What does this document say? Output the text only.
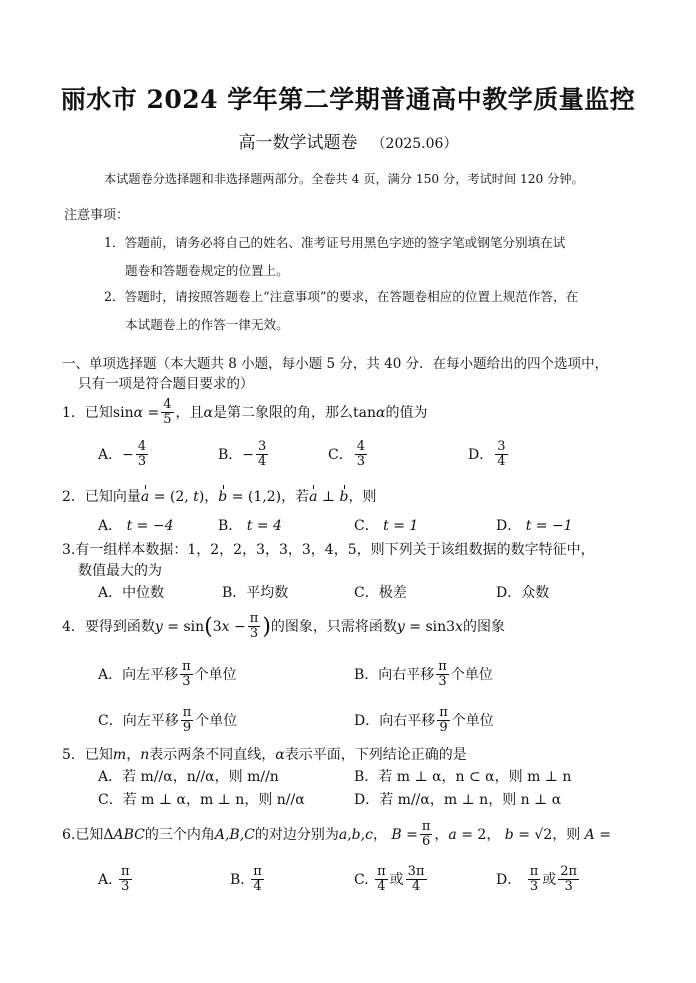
丽水市 2024 学年第二学期普通高中教学质量监控
高一数学试题卷 （2025.06）
本试题卷分选择题和非选择题两部分。全卷共 4 页，满分 150 分，考试时间 120 分钟。
注意事项：
1．答题前，请务必将自己的姓名、准考证号用黑色字迹的签字笔或钢笔分别填在试
题卷和答题卷规定的位置上。
2．答题时，请按照答题卷上“注意事项”的要求，在答题卷相应的位置上规范作答，在
本试题卷上的作答一律无效。
一、单项选择题（本大题共 8 小题，每小题 5 分，共 40 分．在每小题给出的四个选项中，
只有一项是符合题目要求的）
1．已知$\sin\alpha = \frac{4}{5}$ ，且α是第二象限的角，那么tanα的值为
A．− $\frac{4}{3}$	B．− $\frac{3}{4}$	C． $\frac{4}{3}$	D． $\frac{3}{4}$
2．已知向量a = (2, t)，b = (1,2)，若a ⊥ b，则
A． t = −4	B． t = 4	C． t = 1	D． t = −1
3.有一组样本数据：1，2，2，3，3，3，4，5，则下列关于该组数据的数字特征中，
数值最大的为
A．中位数	B．平均数	C．极差	D．众数
4．要得到函数$y = \sin(3x - \frac{\pi}{3}$ )的图象，只需将函数y = sin3x的图象
A．向左平移 $\frac{\pi}{3}$ 个单位	B．向右平移 $\frac{\pi}{3}$ 个单位
C．向左平移 $\frac{\pi}{9}$ 个单位	D．向右平移 $\frac{\pi}{9}$ 个单位
5．已知m，n表示两条不同直线，α表示平面，下列结论正确的是
A．若 m//α，n//α，则 m//n	B．若 m ⊥ α，n ⊂ α，则 m ⊥ n
C．若 m ⊥ α，m ⊥ n，则 n//α	D．若 m//α，m ⊥ n，则 n ⊥ α
6.已知ΔABC的三个内角A,B,C的对边分别为a,b,c， $B = \frac{\pi}{6}$ ，a = 2， b = √2，则 A =
A. $\frac{\pi}{3}$	B. $\frac{\pi}{4}$	C. $\frac{\pi}{4}$ 或 $\frac{3\pi}{4}$	D． $\frac{\pi}{3}$ 或 $\frac{2\pi}{3}$
